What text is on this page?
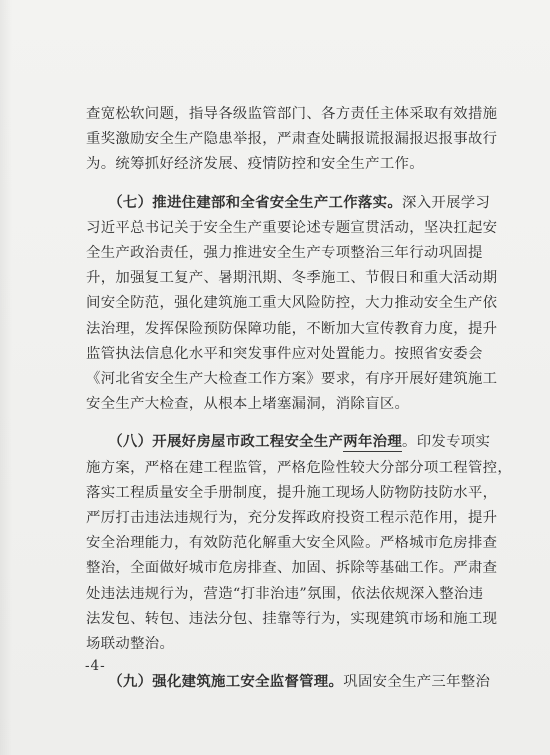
查宽松软问题，指导各级监管部门、各方责任主体采取有效措施
重奖激励安全生产隐患举报，严肃查处瞒报谎报漏报迟报事故行
为。统筹抓好经济发展、疫情防控和安全生产工作。
　　（七）推进住建部和全省安全生产工作落实。深入开展学习
习近平总书记关于安全生产重要论述专题宣贯活动，坚决扛起安
全生产政治责任，强力推进安全生产专项整治三年行动巩固提
升，加强复工复产、暑期汛期、冬季施工、节假日和重大活动期
间安全防范，强化建筑施工重大风险防控，大力推动安全生产依
法治理，发挥保险预防保障功能，不断加大宣传教育力度，提升
监管执法信息化水平和突发事件应对处置能力。按照省安委会
《河北省安全生产大检查工作方案》要求，有序开展好建筑施工
安全生产大检查，从根本上堵塞漏洞，消除盲区。
　　（八）开展好房屋市政工程安全生产两年治理。印发专项实
施方案，严格在建工程监管，严格危险性较大分部分项工程管控，
落实工程质量安全手册制度，提升施工现场人防物防技防水平，
严厉打击违法违规行为，充分发挥政府投资工程示范作用，提升
安全治理能力，有效防范化解重大安全风险。严格城市危房排查
整治，全面做好城市危房排查、加固、拆除等基础工作。严肃查
处违法违规行为，营造“打非治违”氛围，依法依规深入整治违
法发包、转包、违法分包、挂靠等行为，实现建筑市场和施工现
场联动整治。
　　（九）强化建筑施工安全监督管理。巩固安全生产三年整治
-4-
